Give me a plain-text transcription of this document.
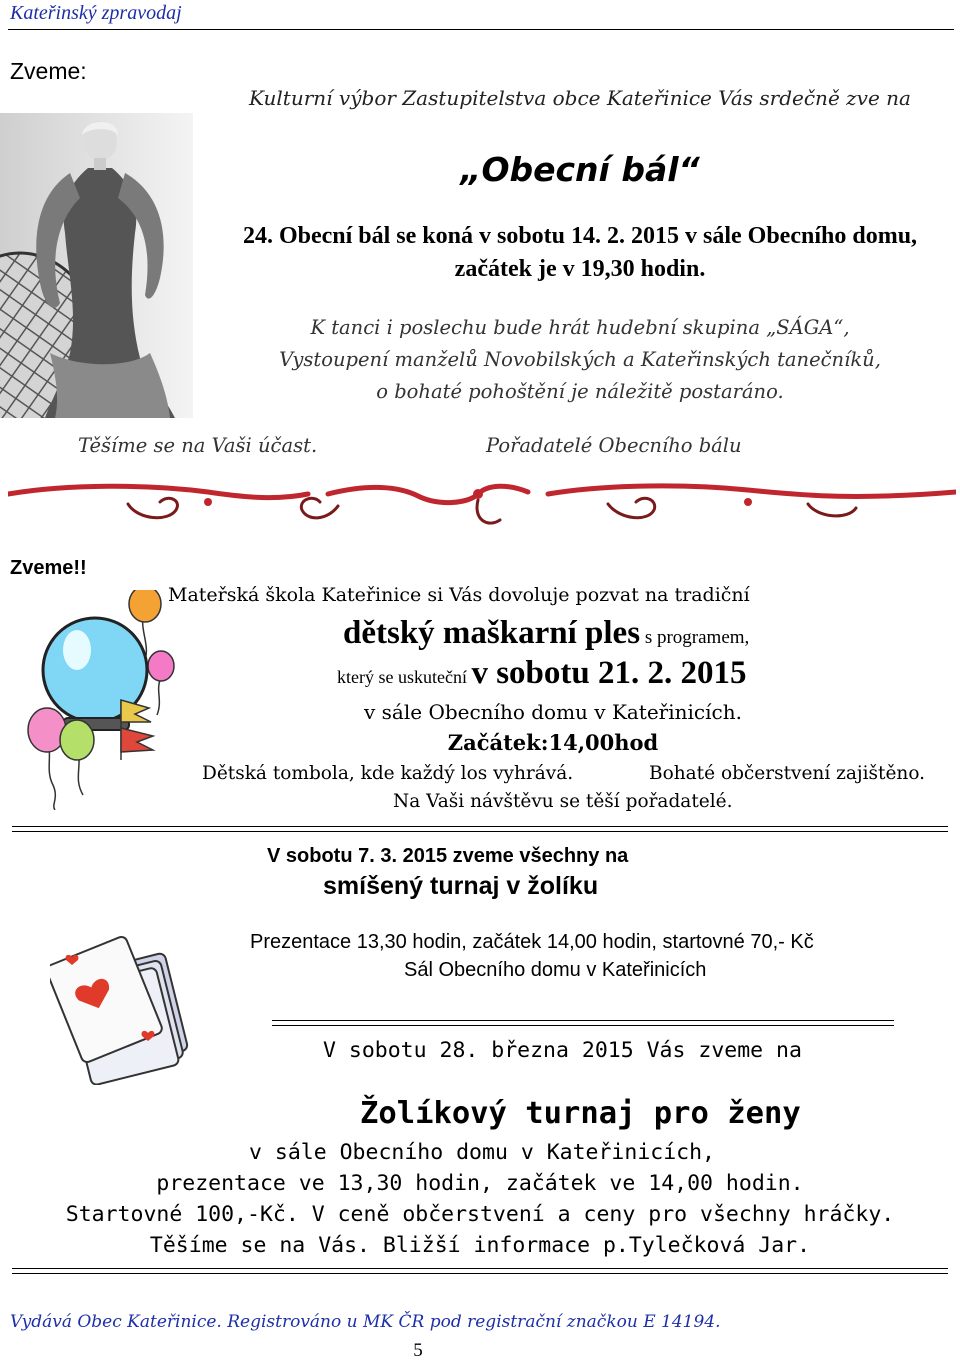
Kateřinský zpravodaj
Zveme:
Kulturní výbor Zastupitelstva obce Kateřinice Vás srdečně zve na
„Obecní bál“
24. Obecní bál se koná v sobotu 14. 2. 2015 v sále Obecního domu,
začátek je v 19,30 hodin.
K tanci i poslechu bude hrát hudební skupina „SÁGA“,
Vystoupení manželů Novobilských a Kateřinských tanečníků,
o bohaté pohoštění je náležitě postaráno.
Těšíme se na Vaši účast.	Pořadatelé Obecního bálu
Zveme!!
Mateřská škola Kateřinice si Vás dovoluje pozvat na tradiční
dětský maškarní ples s programem,
který se uskuteční v sobotu 21. 2. 2015
v sále Obecního domu v Kateřinicích.
Začátek:14,00hod
Dětská tombola, kde každý los vyhrává.	Bohaté občerstvení zajištěno.
Na Vaši návštěvu se těší pořadatelé.
V sobotu 7. 3. 2015 zveme všechny na
smíšený turnaj v žolíku
Prezentace 13,30 hodin, začátek 14,00 hodin, startovné 70,- Kč
Sál Obecního domu v Kateřinicích
V sobotu 28. března 2015 Vás zveme na
Žolíkový turnaj pro ženy
v sále Obecního domu v Kateřinicích,
prezentace ve 13,30 hodin, začátek ve 14,00 hodin.
Startovné 100,-Kč. V ceně občerstvení a ceny pro všechny hráčky.
Těšíme se na Vás. Bližší informace p.Tylečková Jar.
Vydává Obec Kateřinice. Registrováno u MK ČR pod registrační značkou E 14194.
5
